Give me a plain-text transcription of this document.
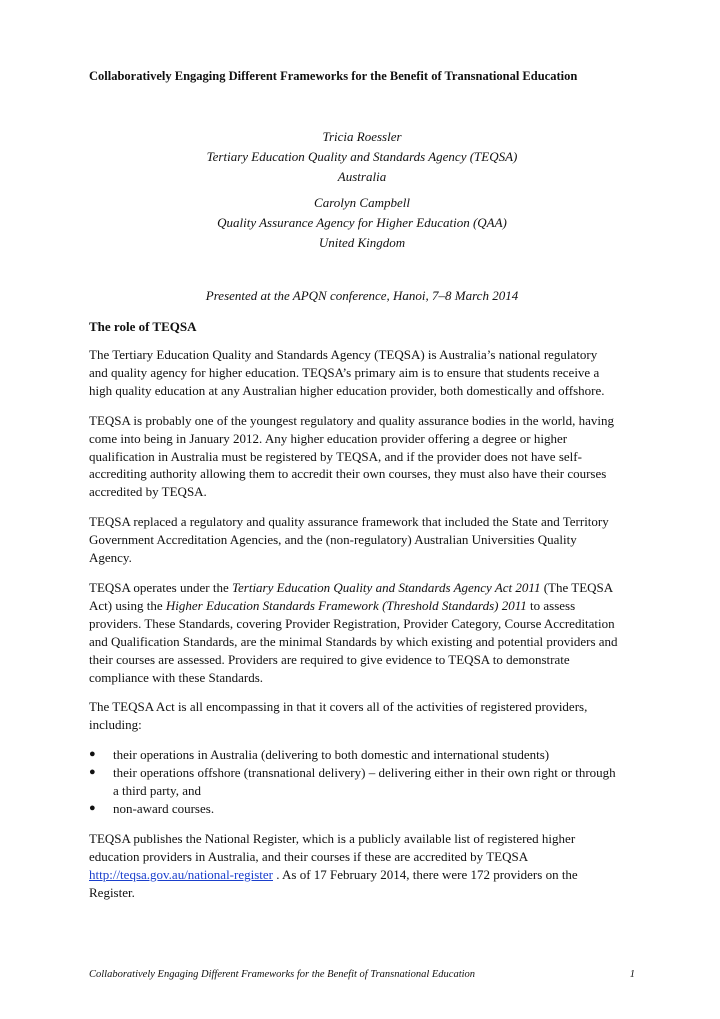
Collaboratively Engaging Different Frameworks for the Benefit of Transnational Education
Tricia Roessler
Tertiary Education Quality and Standards Agency (TEQSA)
Australia
Carolyn Campbell
Quality Assurance Agency for Higher Education (QAA)
United Kingdom
Presented at the APQN conference, Hanoi, 7–8 March 2014
The role of TEQSA

The Tertiary Education Quality and Standards Agency (TEQSA) is Australia’s national regulatory
and quality agency for higher education. TEQSA’s primary aim is to ensure that students receive a
high quality education at any Australian higher education provider, both domestically and offshore.

TEQSA is probably one of the youngest regulatory and quality assurance bodies in the world, having
come into being in January 2012. Any higher education provider offering a degree or higher
qualification in Australia must be registered by TEQSA, and if the provider does not have self-
accrediting authority allowing them to accredit their own courses, they must also have their courses
accredited by TEQSA.

TEQSA replaced a regulatory and quality assurance framework that included the State and Territory
Government Accreditation Agencies, and the (non-regulatory) Australian Universities Quality
Agency.

TEQSA operates under the Tertiary Education Quality and Standards Agency Act 2011 (The TEQSA
Act) using the Higher Education Standards Framework (Threshold Standards) 2011 to assess
providers. These Standards, covering Provider Registration, Provider Category, Course Accreditation
and Qualification Standards, are the minimal Standards by which existing and potential providers and
their courses are assessed. Providers are required to give evidence to TEQSA to demonstrate
compliance with these Standards.

The TEQSA Act is all encompassing in that it covers all of the activities of registered providers,
including:

● their operations in Australia (delivering to both domestic and international students)
● their operations offshore (transnational delivery) – delivering either in their own right or through
a third party, and
● non-award courses.

TEQSA publishes the National Register, which is a publicly available list of registered higher
education providers in Australia, and their courses if these are accredited by TEQSA
http://teqsa.gov.au/national-register . As of 17 February 2014, there were 172 providers on the
Register.

Collaboratively Engaging Different Frameworks for the Benefit of Transnational Education	1
